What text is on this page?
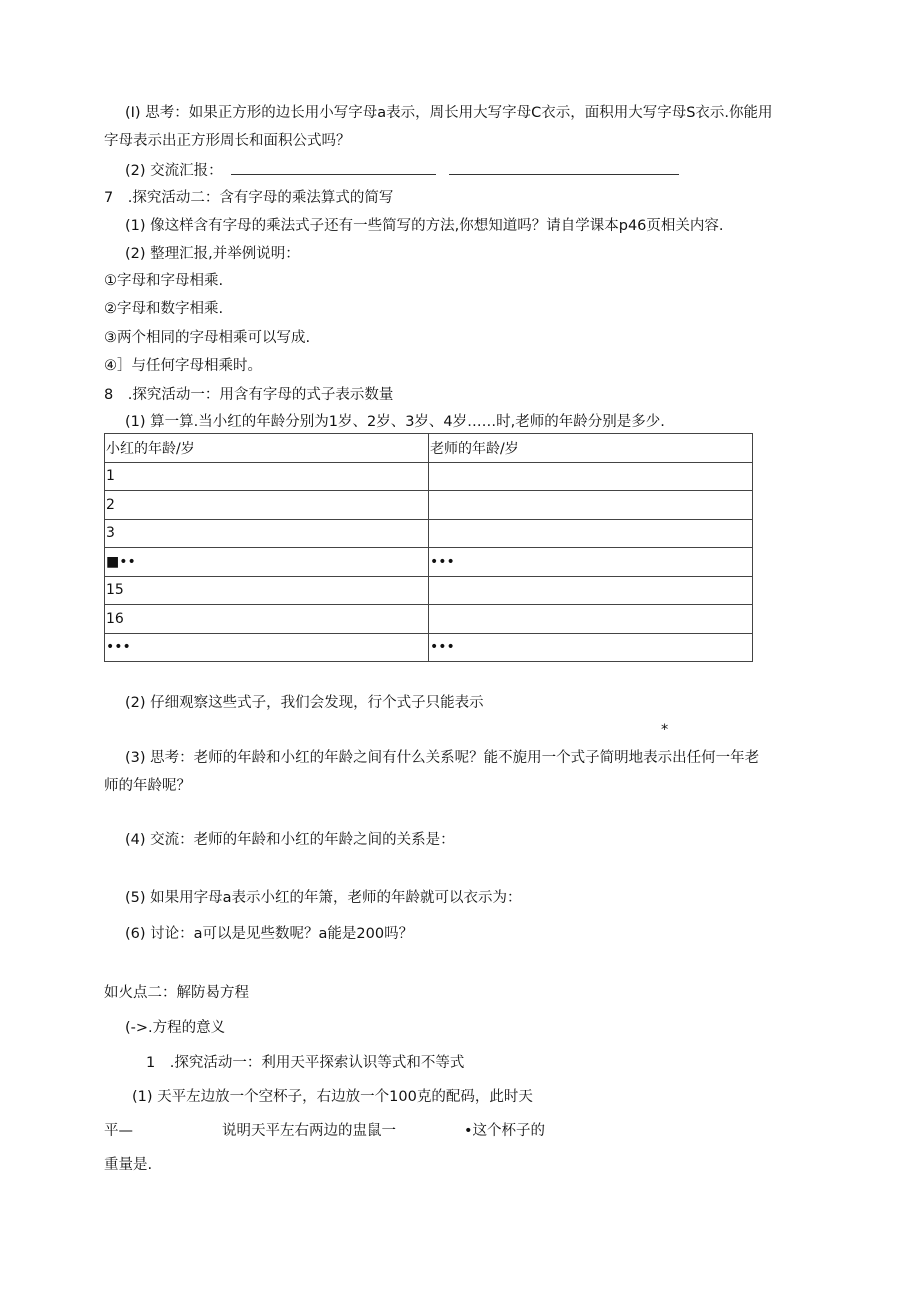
(I) 思考：如果正方形的边长用小写字母a表示，周长用大写字母C衣示，面积用大写字母S衣示.你能用
字母表示出正方形周长和面积公式吗？
(2) 交流汇报：
7　.探究活动二：含有字母的乘法算式的简写
(1) 像这样含有字母的乘法式子还有一些简写的方法,你想知道吗？请自学课本p46页相关内容.
(2) 整理汇报,并举例说明：
①字母和字母相乘.
②字母和数字相乘.
③两个相同的字母相乘可以写成.
④］与任何字母相乘时。
8　.探究活动一：用含有字母的式子表示数量
(1) 算一算.当小红的年龄分别为1岁、2岁、3岁、4岁……时,老师的年龄分别是多少.
小红的年龄/岁	老师的年龄/岁
1	
2	
3	
■••	•••
15	
16	
•••	•••
(2) 仔细观察这些式子，我们会发现，行个式子只能表示
*
(3) 思考：老师的年龄和小红的年龄之间有什么关系呢？能不旎用一个式子简明地表示出任何一年老
师的年龄呢？
(4) 交流：老师的年龄和小红的年龄之间的关系是：
(5) 如果用字母a表示小红的年箫，老师的年龄就可以衣示为：
(6) 讨论：a可以是见些数呢？a能是200吗？
如火点二：解防曷方程
(->.方程的意义
1　.探究活动一：利用天平探索认识等式和不等式
(1) 天平左边放一个空杯子，右边放一个100克的配码，此时天
平—	说明天平左右两边的盅鼠一	•这个杯子的
重量是.
